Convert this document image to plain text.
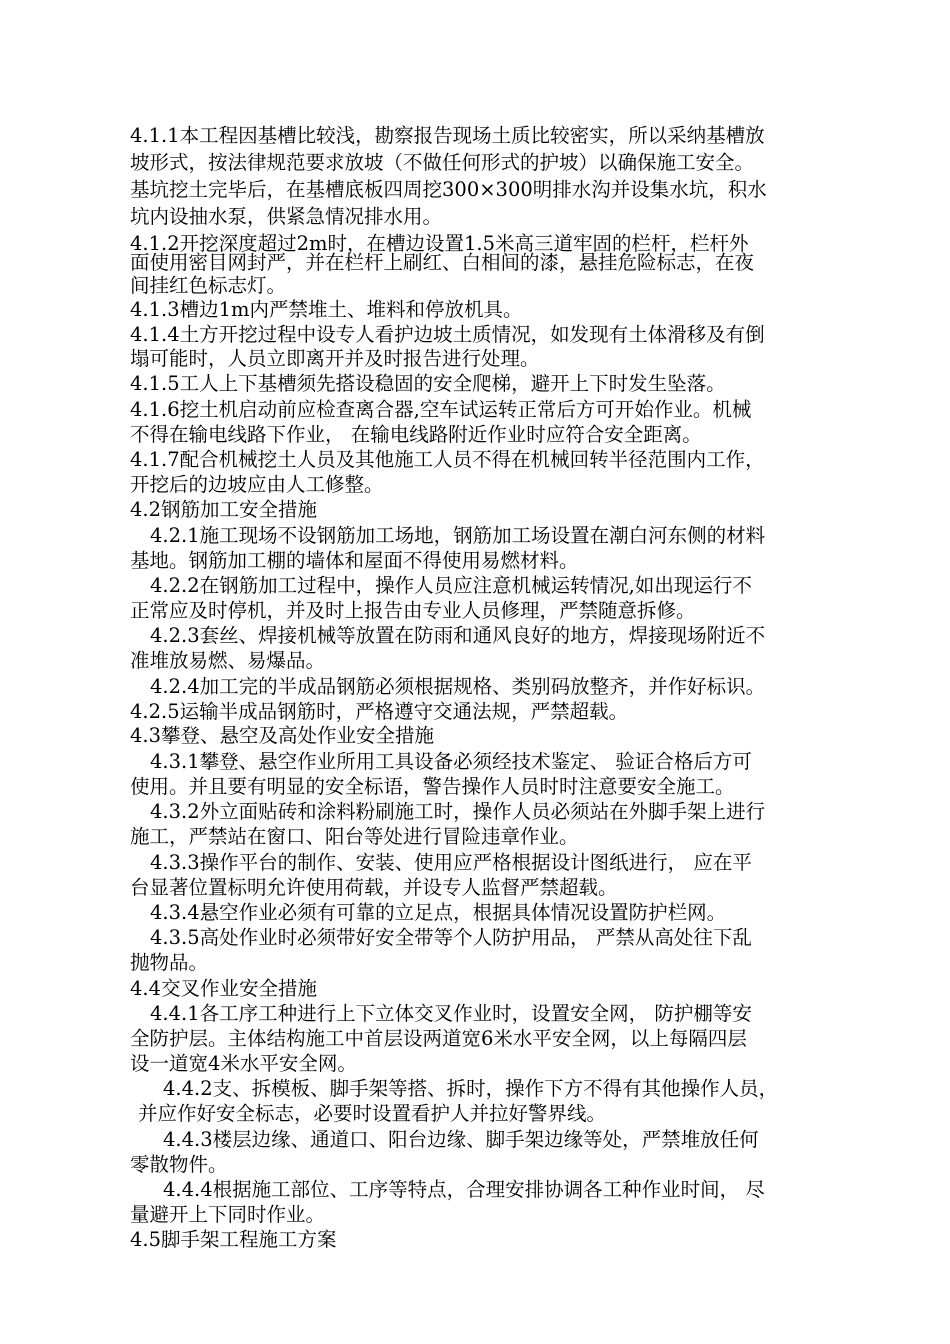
4.1.1本工程因基槽比较浅，勘察报告现场土质比较密实，所以采纳基槽放
坡形式，按法律规范要求放坡（不做任何形式的护坡）以确保施工安全。
基坑挖土完毕后，在基槽底板四周挖300×300明排水沟并设集水坑，积水
坑内设抽水泵，供紧急情况排水用。
4.1.2开挖深度超过2m时，在槽边设置1.5米高三道牢固的栏杆，栏杆外
面使用密目网封严，并在栏杆上刷红、白相间的漆，悬挂危险标志，在夜
间挂红色标志灯。
4.1.3槽边1m内严禁堆土、堆料和停放机具。
4.1.4土方开挖过程中设专人看护边坡土质情况，如发现有土体滑移及有倒
塌可能时，人员立即离开并及时报告进行处理。
4.1.5工人上下基槽须先搭设稳固的安全爬梯，避开上下时发生坠落。
4.1.6挖土机启动前应检查离合器,空车试运转正常后方可开始作业。机械
不得在输电线路下作业， 在输电线路附近作业时应符合安全距离。
4.1.7配合机械挖土人员及其他施工人员不得在机械回转半径范围内工作，
开挖后的边坡应由人工修整。
4.2钢筋加工安全措施
4.2.1施工现场不设钢筋加工场地，钢筋加工场设置在潮白河东侧的材料
基地。钢筋加工棚的墙体和屋面不得使用易燃材料。
4.2.2在钢筋加工过程中，操作人员应注意机械运转情况,如出现运行不
正常应及时停机，并及时上报告由专业人员修理，严禁随意拆修。
4.2.3套丝、焊接机械等放置在防雨和通风良好的地方，焊接现场附近不
准堆放易燃、易爆品。
4.2.4加工完的半成品钢筋必须根据规格、类别码放整齐，并作好标识。
4.2.5运输半成品钢筋时，严格遵守交通法规，严禁超载。
4.3攀登、悬空及高处作业安全措施
4.3.1攀登、悬空作业所用工具设备必须经技术鉴定、 验证合格后方可
使用。并且要有明显的安全标语，警告操作人员时时注意要安全施工。
4.3.2外立面贴砖和涂料粉刷施工时，操作人员必须站在外脚手架上进行
施工，严禁站在窗口、阳台等处进行冒险违章作业。
4.3.3操作平台的制作、安装、使用应严格根据设计图纸进行， 应在平
台显著位置标明允许使用荷载，并设专人监督严禁超载。
4.3.4悬空作业必须有可靠的立足点，根据具体情况设置防护栏网。
4.3.5高处作业时必须带好安全带等个人防护用品， 严禁从高处往下乱
抛物品。
4.4交叉作业安全措施
4.4.1各工序工种进行上下立体交叉作业时，设置安全网， 防护棚等安
全防护层。主体结构施工中首层设两道宽6米水平安全网，以上每隔四层
设一道宽4米水平安全网。
4.4.2支、拆模板、脚手架等搭、拆时，操作下方不得有其他操作人员，
并应作好安全标志，必要时设置看护人并拉好警界线。
4.4.3楼层边缘、通道口、阳台边缘、脚手架边缘等处，严禁堆放任何
零散物件。
4.4.4根据施工部位、工序等特点，合理安排协调各工种作业时间， 尽
量避开上下同时作业。
4.5脚手架工程施工方案
